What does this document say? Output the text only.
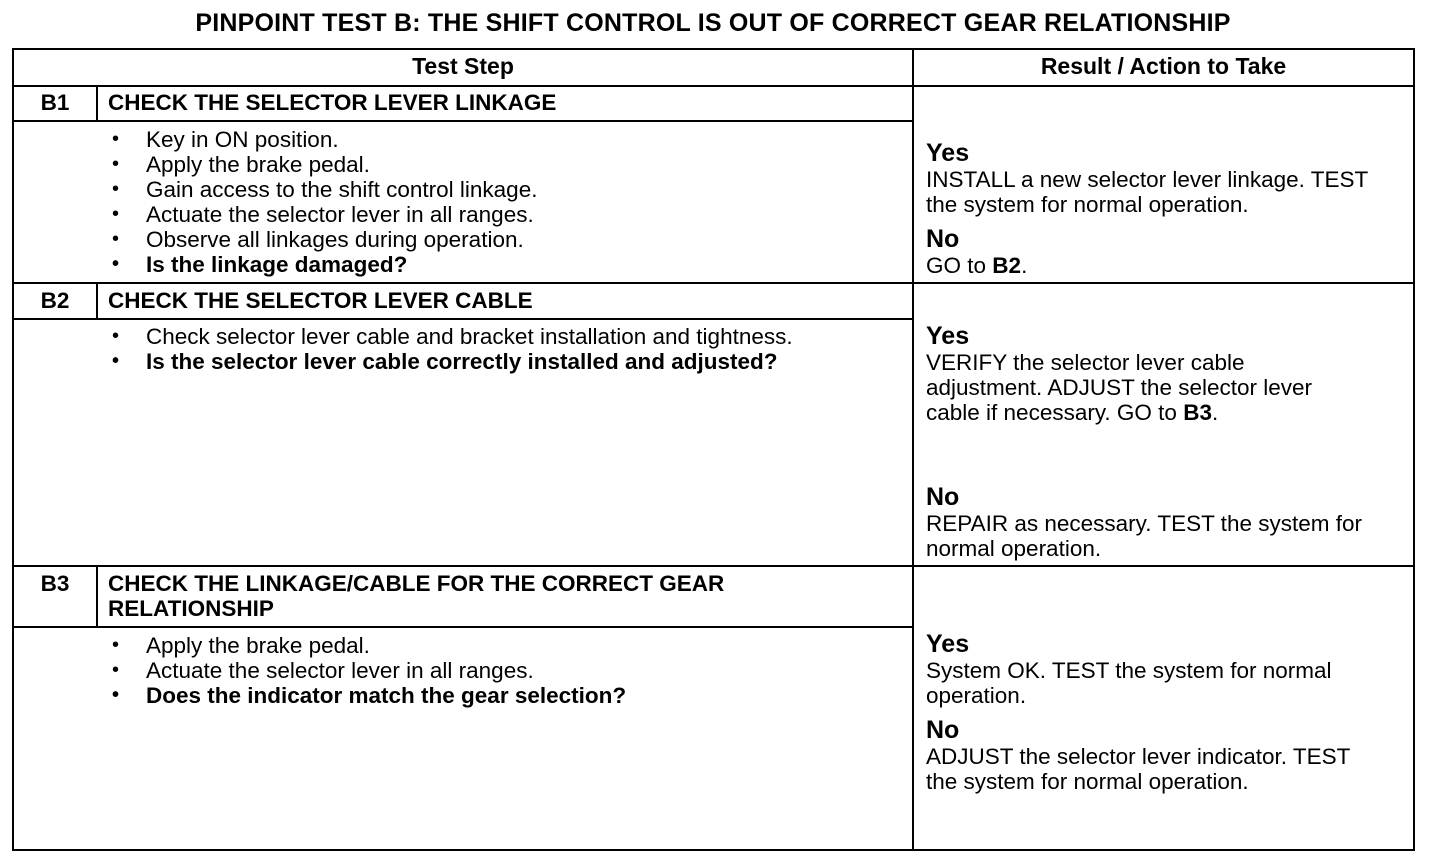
PINPOINT TEST B: THE SHIFT CONTROL IS OUT OF CORRECT GEAR RELATIONSHIP
Test Step	Result / Action to Take
B1	CHECK THE SELECTOR LEVER LINKAGE
• Key in ON position.
• Apply the brake pedal.
• Gain access to the shift control linkage.
• Actuate the selector lever in all ranges.
• Observe all linkages during operation.
• Is the linkage damaged?

Yes

INSTALL a new selector lever linkage. TEST the system for normal operation.

No

GO to B2.

B2	CHECK THE SELECTOR LEVER CABLE
• Check selector lever cable and bracket installation and tightness.
• Is the selector lever cable correctly installed and adjusted?

Yes

VERIFY the selector lever cable adjustment. ADJUST the selector lever cable if necessary. GO to B3.

No

REPAIR as necessary. TEST the system for normal operation.

B3	CHECK THE LINKAGE/CABLE FOR THE CORRECT GEAR RELATIONSHIP
• Apply the brake pedal.
• Actuate the selector lever in all ranges.
• Does the indicator match the gear selection?

Yes

System OK. TEST the system for normal operation.

No

ADJUST the selector lever indicator. TEST the system for normal operation.
